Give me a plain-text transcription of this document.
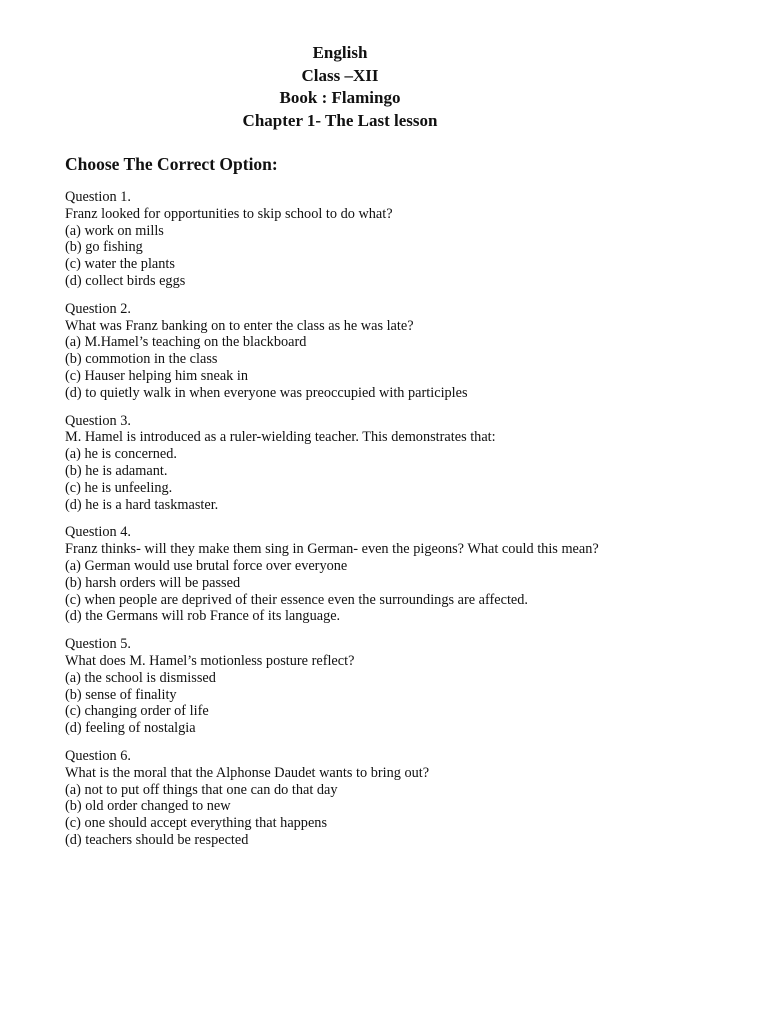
English
Class –XII
Book : Flamingo
Chapter 1- The Last lesson
Choose The Correct Option:
Question 1.
Franz looked for opportunities to skip school to do what?
(a) work on mills
(b) go fishing
(c) water the plants
(d) collect birds eggs
Question 2.
What was Franz banking on to enter the class as he was late?
(a) M.Hamel’s teaching on the blackboard
(b) commotion in the class
(c) Hauser helping him sneak in
(d) to quietly walk in when everyone was preoccupied with participles
Question 3.
M. Hamel is introduced as a ruler-wielding teacher. This demonstrates that:
(a) he is concerned.
(b) he is adamant.
(c) he is unfeeling.
(d) he is a hard taskmaster.
Question 4.
Franz thinks- will they make them sing in German- even the pigeons? What could this mean?
(a) German would use brutal force over everyone
(b) harsh orders will be passed
(c) when people are deprived of their essence even the surroundings are affected.
(d) the Germans will rob France of its language.
Question 5.
What does M. Hamel’s motionless posture reflect?
(a) the school is dismissed
(b) sense of finality
(c) changing order of life
(d) feeling of nostalgia
Question 6.
What is the moral that the Alphonse Daudet wants to bring out?
(a) not to put off things that one can do that day
(b) old order changed to new
(c) one should accept everything that happens
(d) teachers should be respected
